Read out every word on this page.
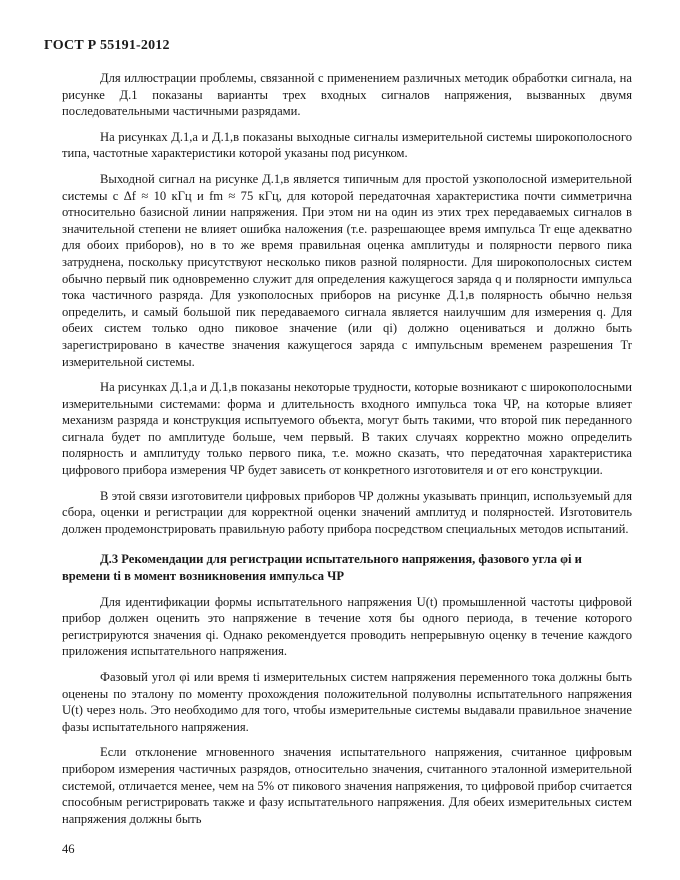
ГОСТ Р 55191-2012

Для иллюстрации проблемы, связанной с применением различных методик обработки сигнала, на рисунке Д.1 показаны варианты трех входных сигналов напряжения, вызванных двумя последовательными частичными разрядами.

На рисунках Д.1,а и Д.1,в показаны выходные сигналы измерительной системы широкополосного типа, частотные характеристики которой указаны под рисунком.

Выходной сигнал на рисунке Д.1,в является типичным для простой узкополосной измерительной системы с Δf ≈ 10 кГц и fm ≈ 75 кГц, для которой передаточная характеристика почти симметрична относительно базисной линии напряжения. При этом ни на один из этих трех передаваемых сигналов в значительной степени не влияет ошибка наложения (т.е. разрешающее время импульса Tr еще адекватно для обоих приборов), но в то же время правильная оценка амплитуды и полярности первого пика затруднена, поскольку присутствуют несколько пиков разной полярности. Для широкополосных систем обычно первый пик одновременно служит для определения кажущегося заряда q и полярности импульса тока частичного разряда. Для узкополосных приборов на рисунке Д.1,в полярность обычно нельзя определить, и самый большой пик передаваемого сигнала является наилучшим для измерения q. Для обеих систем только одно пиковое значение (или qi) должно оцениваться и должно быть зарегистрировано в качестве значения кажущегося заряда с импульсным временем разрешения Tr измерительной системы.

На рисунках Д.1,а и Д.1,в показаны некоторые трудности, которые возникают с широкополосными измерительными системами: форма и длительность входного импульса тока ЧР, на которые влияет механизм разряда и конструкция испытуемого объекта, могут быть такими, что второй пик переданного сигнала будет по амплитуде больше, чем первый. В таких случаях корректно можно определить полярность и амплитуду только первого пика, т.е. можно сказать, что передаточная характеристика цифрового прибора измерения ЧР будет зависеть от конкретного изготовителя и от его конструкции.

В этой связи изготовители цифровых приборов ЧР должны указывать принцип, используемый для сбора, оценки и регистрации для корректной оценки значений амплитуд и полярностей. Изготовитель должен продемонстрировать правильную работу прибора посредством специальных методов испытаний.

Д.3 Рекомендации для регистрации испытательного напряжения, фазового угла φi и времени ti в момент возникновения импульса ЧР

Для идентификации формы испытательного напряжения U(t) промышленной частоты цифровой прибор должен оценить это напряжение в течение хотя бы одного периода, в течение которого регистрируются значения qi. Однако рекомендуется проводить непрерывную оценку в течение каждого приложения испытательного напряжения.

Фазовый угол φi или время ti измерительных систем напряжения переменного тока должны быть оценены по эталону по моменту прохождения положительной полуволны испытательного напряжения U(t) через ноль. Это необходимо для того, чтобы измерительные системы выдавали правильное значение фазы испытательного напряжения.

Если отклонение мгновенного значения испытательного напряжения, считанное цифровым прибором измерения частичных разрядов, относительно значения, считанного эталонной измерительной системой, отличается менее, чем на 5% от пикового значения напряжения, то цифровой прибор считается способным регистрировать также и фазу испытательного напряжения. Для обеих измерительных систем напряжения должны быть

46
